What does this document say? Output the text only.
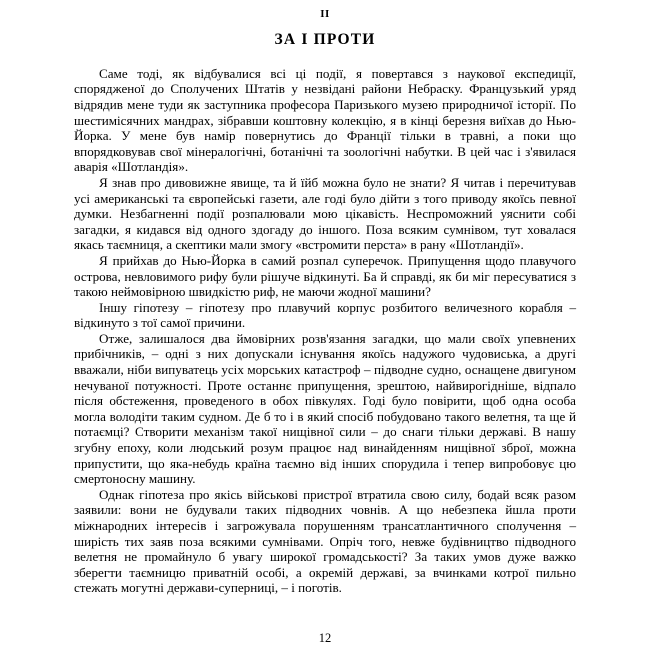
II
ЗА І ПРОТИ

Саме тоді, як відбувалися всі ці події, я повертався з наукової експедиції, спорядженої до Сполучених Штатів у незвідані райони Небраску. Французький уряд відрядив мене туди як заступника професора Паризького музею природничої історії. По шестимісячних мандрах, зібравши коштовну колекцію, я в кінці березня виїхав до Нью-Йорка. У мене був намір повернутись до Франції тільки в травні, а поки що впорядковував свої мінералогічні, ботанічні та зоологічні набутки. В цей час і з'явилася аварія «Шотландія».

Я знав про дивовижне явище, та й їйб можна було не знати? Я читав і перечитував усі американські та європейські газети, але годі було дійти з того приводу якоїсь певної думки. Незбагненні події розпалювали мою цікавість. Неспроможний уяснити собі загадки, я кидався від одного здогаду до іншого. Поза всяким сумнівом, тут ховалася якась таємниця, а скептики мали змогу «встромити перста» в рану «Шотландії».

Я прийхав до Нью-Йорка в самий розпал суперечок. Припущення щодо плавучого острова, невловимого рифу були рішуче відкинуті. Ба й справді, як би міг пересуватися з такою неймовірною швидкістю риф, не маючи жодної машини?

Іншу гіпотезу – гіпотезу про плавучий корпус розбитого величезного корабля – відкинуто з тої самої причини.

Отже, залишалося два ймовірних розв'язання загадки, що мали своїх упевнених прибічників, – одні з них допускали існування якоїсь надужого чудовиська, а другі вважали, ніби випуватець усіх морських катастроф – підводне судно, оснащене двигуном нечуваної потужності. Проте останнє припущення, зрештою, найвирогідніше, відпало після обстеження, проведеного в обох півкулях. Годі було повірити, щоб одна особа могла володіти таким судном. Де б то і в який спосіб побудовано такого велетня, та ще й потаємці? Створити механізм такої нищівної сили – до снаги тільки державі. В нашу згубну епоху, коли людський розум працює над винайденням нищівної зброї, можна припустити, що яка-небудь країна таємно від інших спорудила і тепер випробовує цю смертоносну машину.

Однак гіпотеза про якісь військові пристрої втратила свою силу, бодай всяк разом заявили: вони не будували таких підводних човнів. А що небезпека йшла проти міжнародних інтересів і загрожувала порушенням трансатлантичного сполучення – ширість тих заяв поза всякими сумнівами. Опріч того, невже будівництво підводного велетня не промайнуло б увагу широкої громадськості? За таких умов дуже важко зберегти таємницю приватній особі, а окремій державі, за вчинками котрої пильно стежать могутні держави-суперниці, – і поготів.

12
